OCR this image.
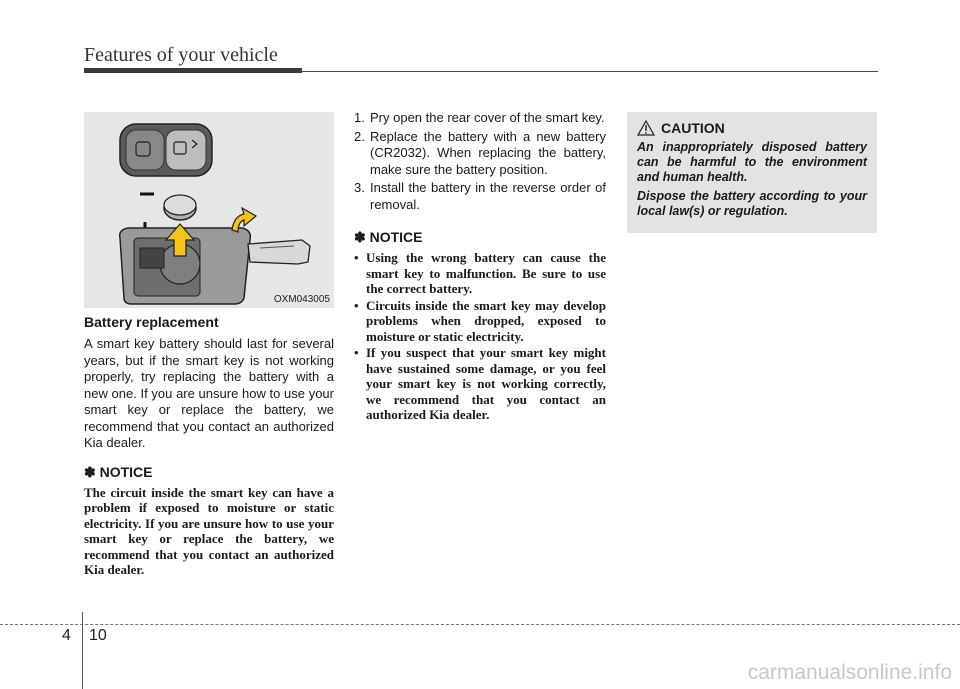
Features of your vehicle
OXM043005
Battery replacement

A smart key battery should last for several years, but if the smart key is not working properly, try replacing the battery with a new one. If you are unsure how to use your smart key or replace the battery, we recommend that you contact an authorized Kia dealer.

✽ NOTICE

The circuit inside the smart key can have a problem if exposed to moisture or static electricity. If you are unsure how to use your smart key or replace the battery, we recommend that you contact an authorized Kia dealer.

1. Pry open the rear cover of the smart key.
2. Replace the battery with a new battery (CR2032). When replacing the battery, make sure the battery position.
3. Install the battery in the reverse order of removal.
✽ NOTICE
• Using the wrong battery can cause the smart key to malfunction. Be sure to use the correct battery.
• Circuits inside the smart key may develop problems when dropped, exposed to moisture or static electricity.
• If you suspect that your smart key might have sustained some damage, or you feel your smart key is not working correctly, we recommend that you contact an authorized Kia dealer.
CAUTION

An inappropriately disposed battery can be harmful to the environment and human health.

Dispose the battery according to your local law(s) or regulation.

4 10
carmanualsonline.info
